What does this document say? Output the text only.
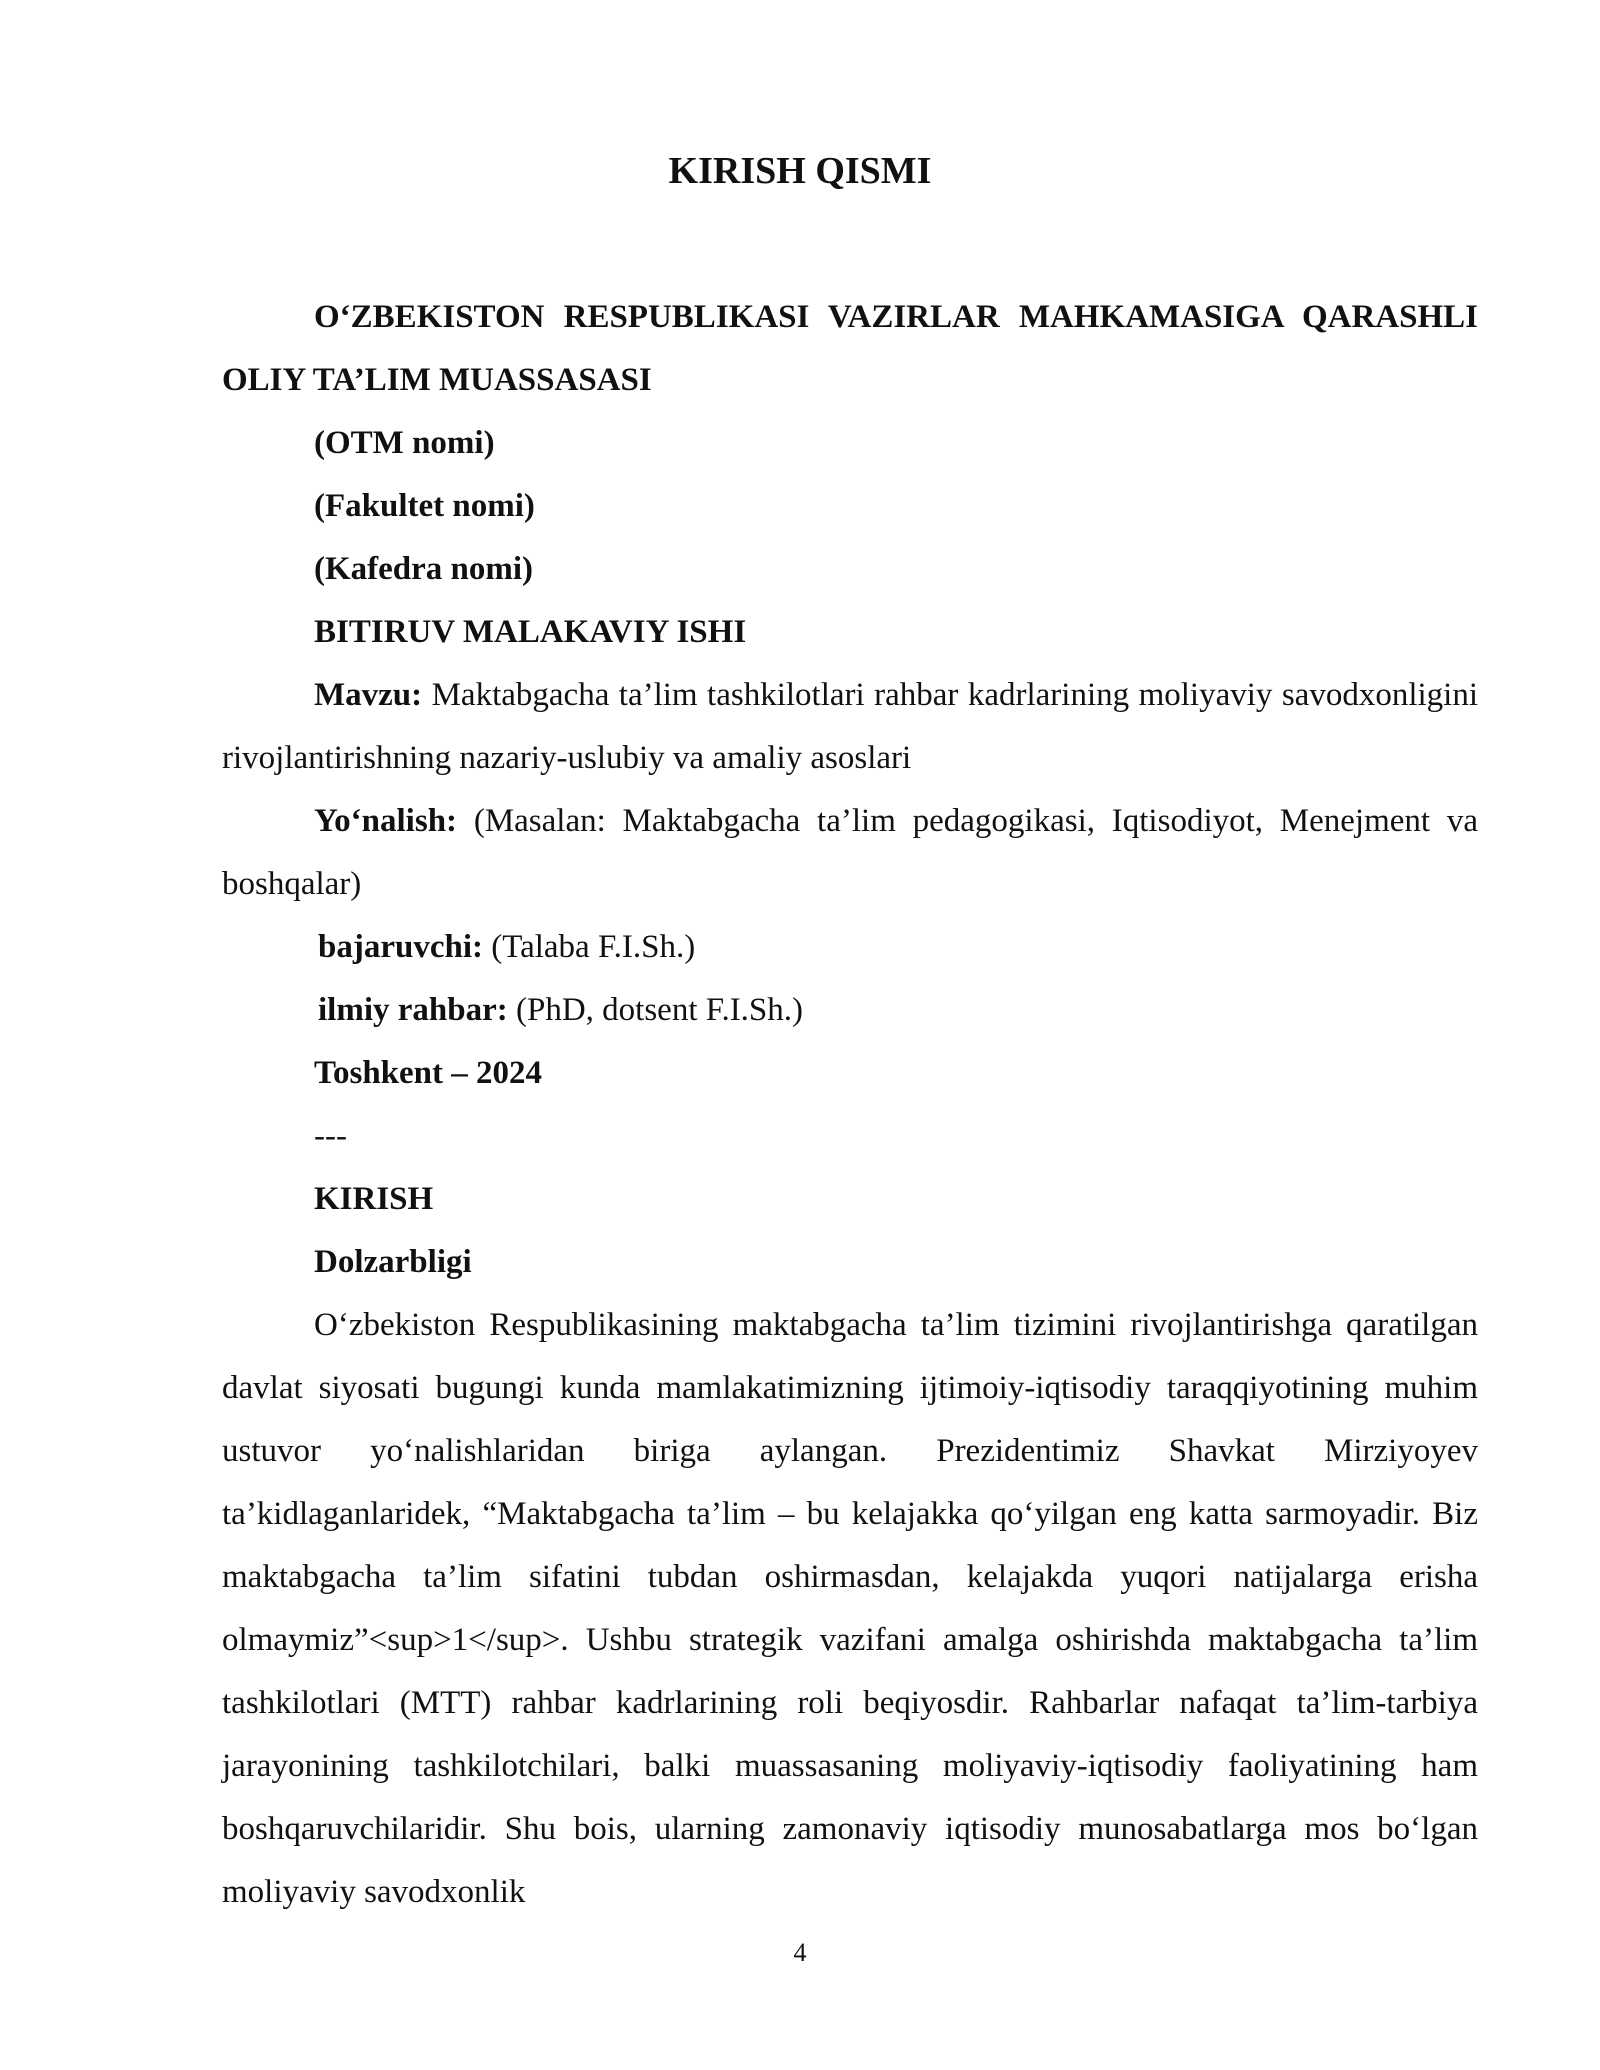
KIRISH QISMI

O‘ZBEKISTON RESPUBLIKASI VAZIRLAR MAHKAMASIGA QARASHLI OLIY TA’LIM MUASSASASI

(OTM nomi)

(Fakultet nomi)

(Kafedra nomi)

BITIRUV MALAKAVIY ISHI

Mavzu: Maktabgacha ta’lim tashkilotlari rahbar kadrlarining moliyaviy savodxonligini rivojlantirishning nazariy-uslubiy va amaliy asoslari

Yo‘nalish: (Masalan: Maktabgacha ta’lim pedagogikasi, Iqtisodiyot, Menejment va boshqalar)

bajaruvchi: (Talaba F.I.Sh.)

ilmiy rahbar: (PhD, dotsent F.I.Sh.)

Toshkent – 2024

---

KIRISH

Dolzarbligi

O‘zbekiston Respublikasining maktabgacha ta’lim tizimini rivojlantirishga qaratilgan davlat siyosati bugungi kunda mamlakatimizning ijtimoiy-iqtisodiy taraqqiyotining muhim ustuvor yo‘nalishlaridan biriga aylangan. Prezidentimiz Shavkat Mirziyoyev ta’kidlaganlaridek, “Maktabgacha ta’lim – bu kelajakka qo‘yilgan eng katta sarmoyadir. Biz maktabgacha ta’lim sifatini tubdan oshirmasdan, kelajakda yuqori natijalarga erisha olmaymiz”<sup>1</sup>. Ushbu strategik vazifani amalga oshirishda maktabgacha ta’lim tashkilotlari (MTT) rahbar kadrlarining roli beqiyosdir. Rahbarlar nafaqat ta’lim-tarbiya jarayonining tashkilotchilari, balki muassasaning moliyaviy-iqtisodiy faoliyatining ham boshqaruvchilaridir. Shu bois, ularning zamonaviy iqtisodiy munosabatlarga mos bo‘lgan moliyaviy savodxonlik

4
